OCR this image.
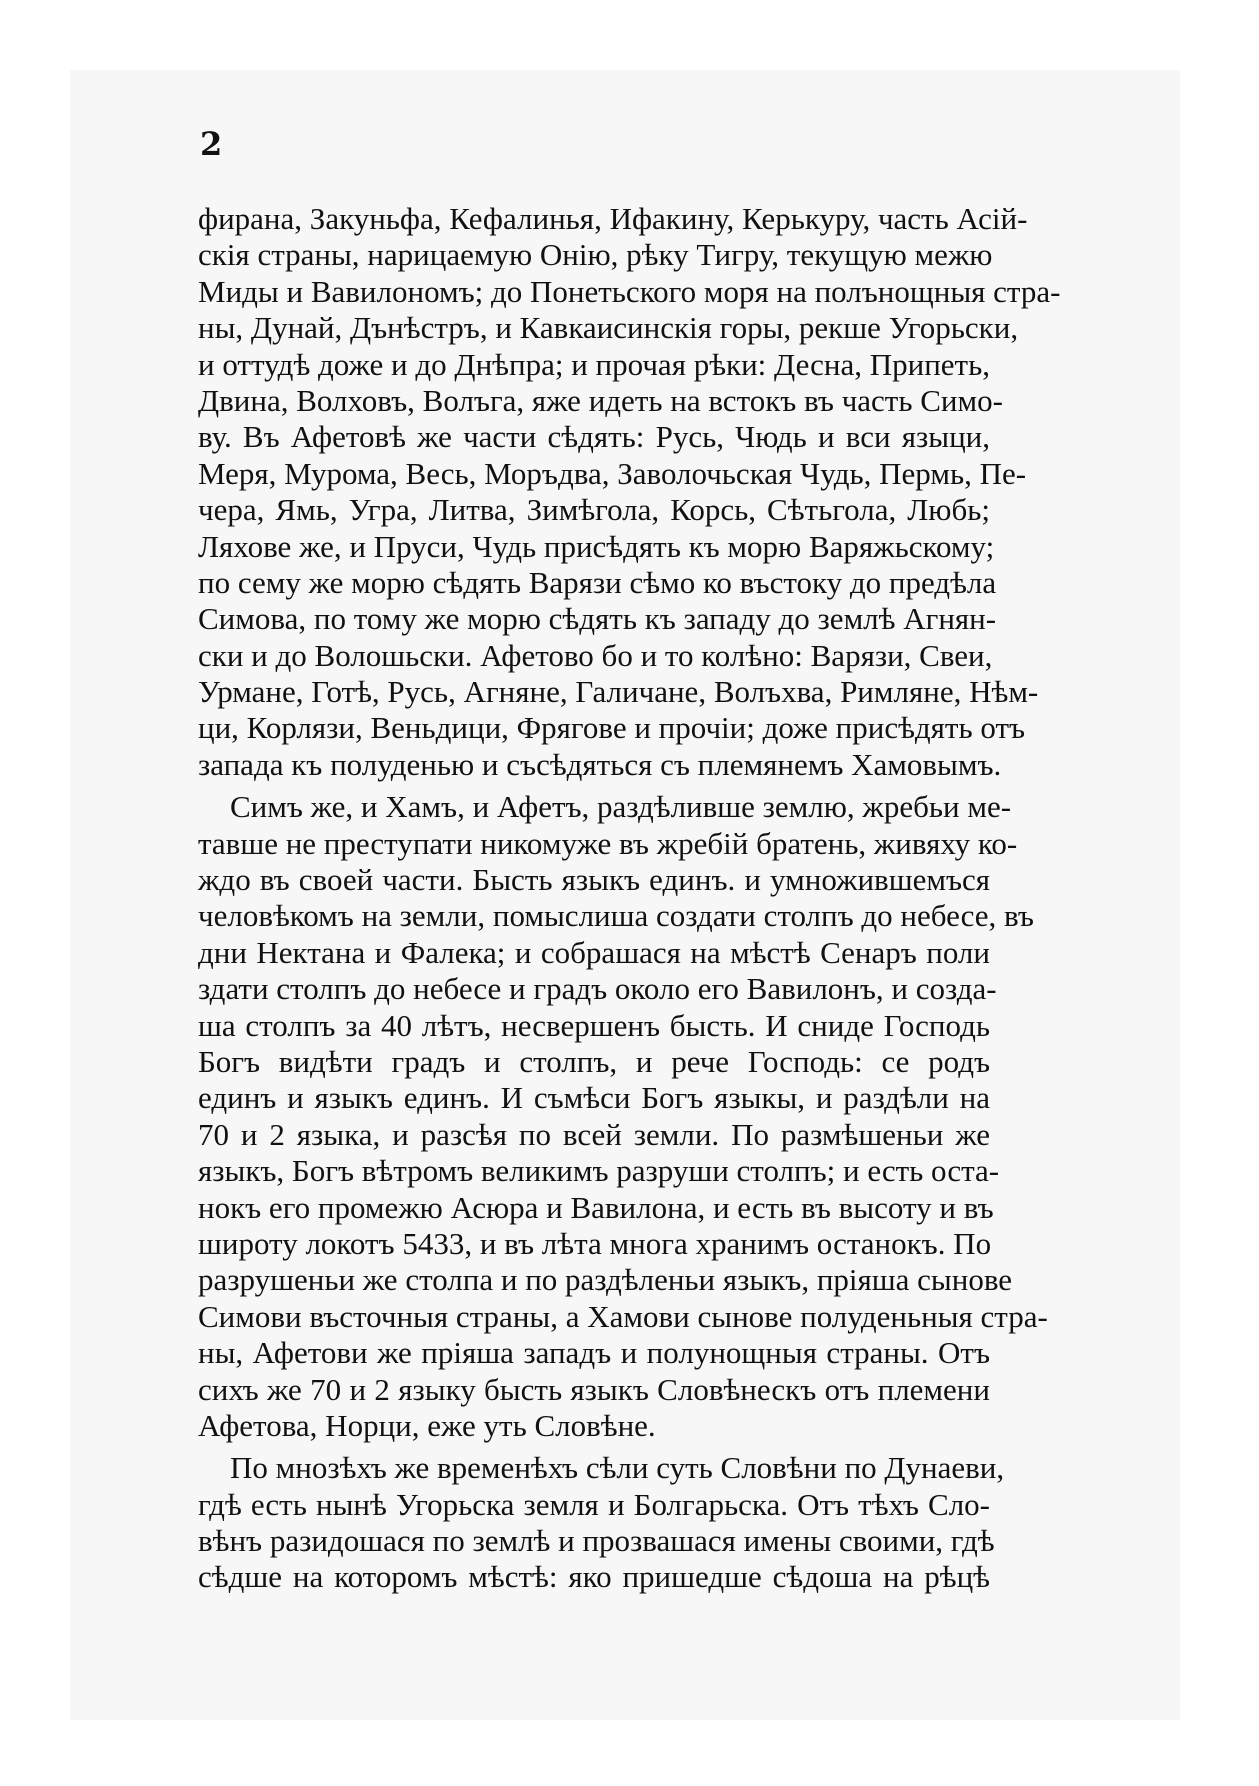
2
фирана, Закуньфа, Кефалинья, Ифакину, Керькуру, часть Асій-
скія страны, нарицаемую Онію, рѣку Тигру, текущую межю
Миды и Вавилономъ; до Понетьского моря на полънощныя стра-
ны, Дунай, Дънѣстръ, и Кавкаисинскія горы, рекше Угорьски,
и оттудѣ доже и до Днѣпра; и прочая рѣки: Десна, Припеть,
Двина, Волховъ, Волъга, яже идеть на встокъ въ часть Симо-
ву. Въ Афетовѣ же части сѣдять: Русь, Чюдь и вси языци,
Меря, Мурома, Весь, Моръдва, Заволочьская Чудь, Пермь, Пе-
чера, Ямь, Угра, Литва, Зимѣгола, Корсь, Сѣтьгола, Любь;
Ляхове же, и Пруси, Чудь присѣдять къ морю Варяжьскому;
по сему же морю сѣдять Варязи сѣмо ко въстоку до предѣла
Симова, по тому же морю сѣдять къ западу до землѣ Агнян-
ски и до Волошьски. Афетово бо и то колѣно: Варязи, Свеи,
Урмане, Готѣ, Русь, Агняне, Галичане, Волъхва, Римляне, Нѣм-
ци, Корлязи, Веньдици, Фрягове и прочіи; доже присѣдять отъ
запада къ полуденью и съсѣдяться съ племянемъ Хамовымъ.
Симъ же, и Хамъ, и Афетъ, раздѣливше землю, жребьи ме-
тавше не преступати никомуже въ жребій братень, живяху ко-
ждо въ своей части. Бысть языкъ единъ. и умножившемъся
человѣкомъ на земли, помыслиша создати столпъ до небесе, въ
дни Нектана и Фалека; и собрашася на мѣстѣ Сенаръ поли
здати столпъ до небесе и градъ около его Вавилонъ, и созда-
ша столпъ за 40 лѣтъ, несвершенъ бысть. И сниде Господь
Богъ видѣти градъ и столпъ, и рече Господь: се родъ
единъ и языкъ единъ. И съмѣси Богъ языкы, и раздѣли на
70 и 2 языка, и разсѣя по всей земли. По размѣшеньи же
языкъ, Богъ вѣтромъ великимъ разруши столпъ; и есть оста-
нокъ его промежю Асюра и Вавилона, и есть въ высоту и въ
широту локотъ 5433, и въ лѣта многа хранимъ останокъ. По
разрушеньи же столпа и по раздѣленьи языкъ, пріяша сынове
Симови въсточныя страны, а Хамови сынове полуденьныя стра-
ны, Афетови же пріяша западъ и полунощныя страны. Отъ
сихъ же 70 и 2 языку бысть языкъ Словѣнескъ отъ племени
Афетова, Норци, еже уть Словѣне.
По мнозѣхъ же временѣхъ сѣли суть Словѣни по Дунаеви,
гдѣ есть нынѣ Угорьска земля и Болгарьска. Отъ тѣхъ Сло-
вѣнъ разидошася по землѣ и прозвашася имены своими, гдѣ
сѣдше на которомъ мѣстѣ: яко пришедше сѣдоша на рѣцѣ
